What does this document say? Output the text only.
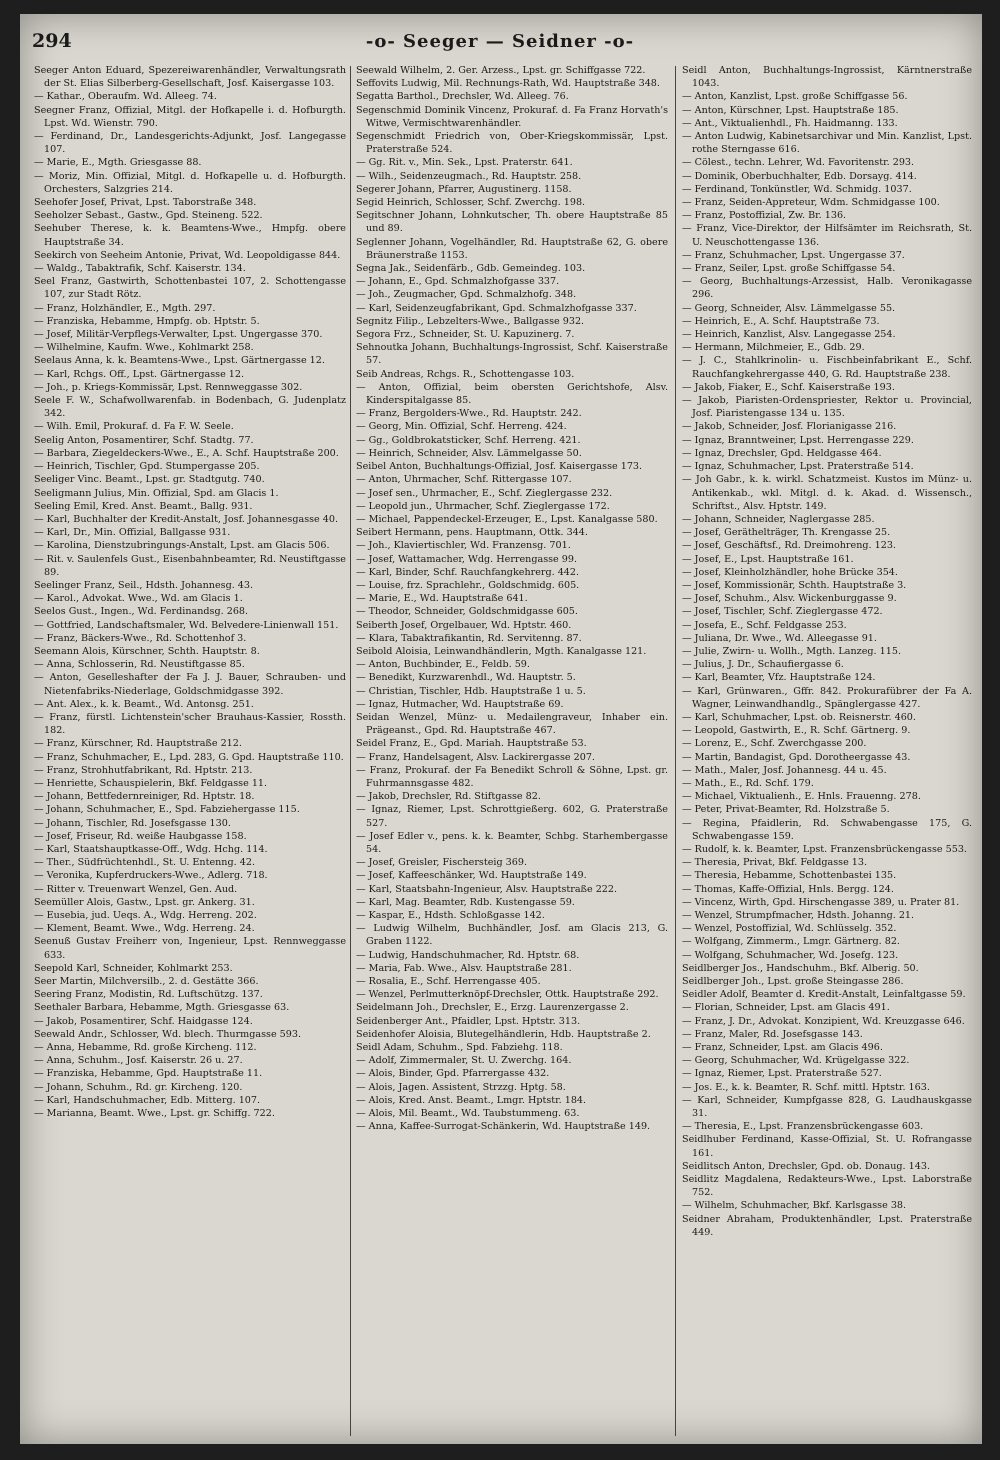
294	-o- Seeger — Seidner -o-

Seeger Anton Eduard, Spezereiwarenhändler, Verwaltungsrath der St. Elias Silberberg-Gesellschaft, Josf. Kaisergasse 103.

— Kathar., Oberaufm. Wd. Alleeg. 74.

Seegner Franz, Offizial, Mitgl. der Hofkapelle i. d. Hofburgth. Lpst. Wd. Wienstr. 790.

— Ferdinand, Dr., Landesgerichts-Adjunkt, Josf. Langegasse 107.

— Marie, E., Mgth. Griesgasse 88.

— Moriz, Min. Offizial, Mitgl. d. Hofkapelle u. d. Hofburgth. Orchesters, Salzgries 214.

Seehofer Josef, Privat, Lpst. Taborstraße 348.

Seeholzer Sebast., Gastw., Gpd. Steineng. 522.

Seehuber Therese, k. k. Beamtens-Wwe., Hmpfg. obere Hauptstraße 34.

Seekirch von Seeheim Antonie, Privat, Wd. Leopoldigasse 844.

— Waldg., Tabaktrafik, Schf. Kaiserstr. 134.

Seel Franz, Gastwirth, Schottenbastei 107, 2. Schottengasse 107, zur Stadt Rötz.

— Franz, Holzhändler, E., Mgth. 297.

— Franziska, Hebamme, Hmpfg. ob. Hptstr. 5.

— Josef, Militär-Verpflegs-Verwalter, Lpst. Ungergasse 370.

— Wilhelmine, Kaufm. Wwe., Kohlmarkt 258.

Seelaus Anna, k. k. Beamtens-Wwe., Lpst. Gärtnergasse 12.

— Karl, Rchgs. Off., Lpst. Gärtnergasse 12.

— Joh., p. Kriegs-Kommissär, Lpst. Rennweggasse 302.

Seele F. W., Schafwollwarenfab. in Bodenbach, G. Judenplatz 342.

— Wilh. Emil, Prokuraf. d. Fa F. W. Seele.

Seelig Anton, Posamentirer, Schf. Stadtg. 77.

— Barbara, Ziegeldeckers-Wwe., E., A. Schf. Hauptstraße 200.

— Heinrich, Tischler, Gpd. Stumpergasse 205.

Seeliger Vinc. Beamt., Lpst. gr. Stadtgutg. 740.

Seeligmann Julius, Min. Offizial, Spd. am Glacis 1.

Seeling Emil, Kred. Anst. Beamt., Ballg. 931.

— Karl, Buchhalter der Kredit-Anstalt, Josf. Johannesgasse 40.

— Karl, Dr., Min. Offizial, Ballgasse 931.

— Karolina, Dienstzubringungs-Anstalt, Lpst. am Glacis 506.

— Rit. v. Saulenfels Gust., Eisenbahnbeamter, Rd. Neustiftgasse 89.

Seelinger Franz, Seil., Hdsth. Johannesg. 43.

— Karol., Advokat. Wwe., Wd. am Glacis 1.

Seelos Gust., Ingen., Wd. Ferdinandsg. 268.

— Gottfried, Landschaftsmaler, Wd. Belvedere-Linienwall 151.

— Franz, Bäckers-Wwe., Rd. Schottenhof 3.

Seemann Alois, Kürschner, Schth. Hauptstr. 8.

— Anna, Schlosserin, Rd. Neustiftgasse 85.

— Anton, Geselleshafter der Fa J. J. Bauer, Schrauben- und Nietenfabriks-Niederlage, Goldschmidgasse 392.

— Ant. Alex., k. k. Beamt., Wd. Antonsg. 251.

— Franz, fürstl. Lichtenstein'scher Brauhaus-Kassier, Rossth. 182.

— Franz, Kürschner, Rd. Hauptstraße 212.

— Franz, Schuhmacher, E., Lpd. 283, G. Gpd. Hauptstraße 110.

— Franz, Strohhutfabrikant, Rd. Hptstr. 213.

— Henriette, Schauspielerin, Bkf. Feldgasse 11.

— Johann, Bettfedernreiniger, Rd. Hptstr. 18.

— Johann, Schuhmacher, E., Spd. Fabziehergasse 115.

— Johann, Tischler, Rd. Josefsgasse 130.

— Josef, Friseur, Rd. weiße Haubgasse 158.

— Karl, Staatshauptkasse-Off., Wdg. Hchg. 114.

— Ther., Südfrüchtenhdl., St. U. Entenng. 42.

— Veronika, Kupferdruckers-Wwe., Adlerg. 718.

— Ritter v. Treuenwart Wenzel, Gen. Aud.

Seemüller Alois, Gastw., Lpst. gr. Ankerg. 31.

— Eusebia, jud. Ueqs. A., Wdg. Herreng. 202.

— Klement, Beamt. Wwe., Wdg. Herreng. 24.

Seenuß Gustav Freiherr von, Ingenieur, Lpst. Rennweggasse 633.

Seepold Karl, Schneider, Kohlmarkt 253.

Seer Martin, Milchversilb., 2. d. Gestätte 366.

Seering Franz, Modistin, Rd. Luftschützg. 137.

Seethaler Barbara, Hebamme, Mgth. Griesgasse 63.

— Jakob, Posamentirer, Schf. Haidgasse 124.

Seewald Andr., Schlosser, Wd. blech. Thurmgasse 593.

— Anna, Hebamme, Rd. große Kircheng. 112.

— Anna, Schuhm., Josf. Kaiserstr. 26 u. 27.

— Franziska, Hebamme, Gpd. Hauptstraße 11.

— Johann, Schuhm., Rd. gr. Kircheng. 120.

— Karl, Handschuhmacher, Edb. Mitterg. 107.

— Marianna, Beamt. Wwe., Lpst. gr. Schiffg. 722.

Seewald Wilhelm, 2. Ger. Arzess., Lpst. gr. Schiffgasse 722.

Seffovits Ludwig, Mil. Rechnungs-Rath, Wd. Hauptstraße 348.

Segatta Barthol., Drechsler, Wd. Alleeg. 76.

Segenschmid Dominik Vincenz, Prokuraf. d. Fa Franz Horvath's Witwe, Vermischtwarenhändler.

Segenschmidt Friedrich von, Ober-Kriegskommissär, Lpst. Praterstraße 524.

— Gg. Rit. v., Min. Sek., Lpst. Praterstr. 641.

— Wilh., Seidenzeugmach., Rd. Hauptstr. 258.

Segerer Johann, Pfarrer, Augustinerg. 1158.

Segid Heinrich, Schlosser, Schf. Zwerchg. 198.

Segitschner Johann, Lohnkutscher, Th. obere Hauptstraße 85 und 89.

Seglenner Johann, Vogelhändler, Rd. Hauptstraße 62, G. obere Bräunerstraße 1153.

Segna Jak., Seidenfärb., Gdb. Gemeindeg. 103.

— Johann, E., Gpd. Schmalzhofgasse 337.

— Joh., Zeugmacher, Gpd. Schmalzhofg. 348.

— Karl, Seidenzeugfabrikant, Gpd. Schmalzhofgasse 337.

Segnitz Filip., Lebzelters-Wwe., Ballgasse 932.

Segora Frz., Schneider, St. U. Kapuzinerg. 7.

Sehnoutka Johann, Buchhaltungs-Ingrossist, Schf. Kaiserstraße 57.

Seib Andreas, Rchgs. R., Schottengasse 103.

— Anton, Offizial, beim obersten Gerichtshofe, Alsv. Kinderspitalgasse 85.

— Franz, Bergolders-Wwe., Rd. Hauptstr. 242.

— Georg, Min. Offizial, Schf. Herreng. 424.

— Gg., Goldbrokatsticker, Schf. Herreng. 421.

— Heinrich, Schneider, Alsv. Lämmelgasse 50.

Seibel Anton, Buchhaltungs-Offizial, Josf. Kaisergasse 173.

— Anton, Uhrmacher, Schf. Rittergasse 107.

— Josef sen., Uhrmacher, E., Schf. Zieglergasse 232.

— Leopold jun., Uhrmacher, Schf. Zieglergasse 172.

— Michael, Pappendeckel-Erzeuger, E., Lpst. Kanalgasse 580.

Seibert Hermann, pens. Hauptmann, Ottk. 344.

— Joh., Klaviertischler, Wd. Franzensg. 701.

— Josef, Wattamacher, Wdg. Herrengasse 99.

— Karl, Binder, Schf. Rauchfangkehrerg. 442.

— Louise, frz. Sprachlehr., Goldschmidg. 605.

— Marie, E., Wd. Hauptstraße 641.

— Theodor, Schneider, Goldschmidgasse 605.

Seiberth Josef, Orgelbauer, Wd. Hptstr. 460.

— Klara, Tabaktrafikantin, Rd. Servitenng. 87.

Seibold Aloisia, Leinwandhändlerin, Mgth. Kanalgasse 121.

— Anton, Buchbinder, E., Feldb. 59.

— Benedikt, Kurzwarenhdl., Wd. Hauptstr. 5.

— Christian, Tischler, Hdb. Hauptstraße 1 u. 5.

— Ignaz, Hutmacher, Wd. Hauptstraße 69.

Seidan Wenzel, Münz- u. Medailengraveur, Inhaber ein. Prägeanst., Gpd. Rd. Hauptstraße 467.

Seidel Franz, E., Gpd. Mariah. Hauptstraße 53.

— Franz, Handelsagent, Alsv. Lackirergasse 207.

— Franz, Prokuraf. der Fa Benedikt Schroll & Söhne, Lpst. gr. Fuhrmannsgasse 482.

— Jakob, Drechsler, Rd. Stiftgasse 82.

— Ignaz, Riemer, Lpst. Schrottgießerg. 602, G. Praterstraße 527.

— Josef Edler v., pens. k. k. Beamter, Schbg. Starhembergasse 54.

— Josef, Greisler, Fischersteig 369.

— Josef, Kaffeeschänker, Wd. Hauptstraße 149.

— Karl, Staatsbahn-Ingenieur, Alsv. Hauptstraße 222.

— Karl, Mag. Beamter, Rdb. Kustengasse 59.

— Kaspar, E., Hdsth. Schloßgasse 142.

— Ludwig Wilhelm, Buchhändler, Josf. am Glacis 213, G. Graben 1122.

— Ludwig, Handschuhmacher, Rd. Hptstr. 68.

— Maria, Fab. Wwe., Alsv. Hauptstraße 281.

— Rosalia, E., Schf. Herrengasse 405.

— Wenzel, Perlmutterknöpf-Drechsler, Ottk. Hauptstraße 292.

Seidelmann Joh., Drechsler, E., Erzg. Laurenzergasse 2.

Seidenberger Ant., Pfaidler, Lpst. Hptstr. 313.

Seidenhofer Aloisia, Blutegelhändlerin, Hdb. Hauptstraße 2.

Seidl Adam, Schuhm., Spd. Fabziehg. 118.

— Adolf, Zimmermaler, St. U. Zwerchg. 164.

— Alois, Binder, Gpd. Pfarrergasse 432.

— Alois, Jagen. Assistent, Strzzg. Hptg. 58.

— Alois, Kred. Anst. Beamt., Lmgr. Hptstr. 184.

— Alois, Mil. Beamt., Wd. Taubstummeng. 63.

— Anna, Kaffee-Surrogat-Schänkerin, Wd. Hauptstraße 149.

Seidl Anton, Buchhaltungs-Ingrossist, Kärntnerstraße 1043.

— Anton, Kanzlist, Lpst. große Schiffgasse 56.

— Anton, Kürschner, Lpst. Hauptstraße 185.

— Ant., Viktualienhdl., Fh. Haidmanng. 133.

— Anton Ludwig, Kabinetsarchivar und Min. Kanzlist, Lpst. rothe Sterngasse 616.

— Cölest., techn. Lehrer, Wd. Favoritenstr. 293.

— Dominik, Oberbuchhalter, Edb. Dorsayg. 414.

— Ferdinand, Tonkünstler, Wd. Schmidg. 1037.

— Franz, Seiden-Appreteur, Wdm. Schmidgasse 100.

— Franz, Postoffizial, Zw. Br. 136.

— Franz, Vice-Direktor, der Hilfsämter im Reichsrath, St. U. Neuschottengasse 136.

— Franz, Schuhmacher, Lpst. Ungergasse 37.

— Franz, Seiler, Lpst. große Schiffgasse 54.

— Georg, Buchhaltungs-Arzessist, Halb. Veronikagasse 296.

— Georg, Schneider, Alsv. Lämmelgasse 55.

— Heinrich, E., A. Schf. Hauptstraße 73.

— Heinrich, Kanzlist, Alsv. Langegasse 254.

— Hermann, Milchmeier, E., Gdb. 29.

— J. C., Stahlkrinolin- u. Fischbeinfabrikant E., Schf. Rauchfangkehrergasse 440, G. Rd. Hauptstraße 238.

— Jakob, Fiaker, E., Schf. Kaiserstraße 193.

— Jakob, Piaristen-Ordenspriester, Rektor u. Provincial, Josf. Piaristengasse 134 u. 135.

— Jakob, Schneider, Josf. Florianigasse 216.

— Ignaz, Branntweiner, Lpst. Herrengasse 229.

— Ignaz, Drechsler, Gpd. Heldgasse 464.

— Ignaz, Schuhmacher, Lpst. Praterstraße 514.

— Joh Gabr., k. k. wirkl. Schatzmeist. Kustos im Münz- u. Antikenkab., wkl. Mitgl. d. k. Akad. d. Wissensch., Schriftst., Alsv. Hptstr. 149.

— Johann, Schneider, Naglergasse 285.

— Josef, Geräthelträger, Th. Krengasse 25.

— Josef, Geschäftsf., Rd. Dreimohreng. 123.

— Josef, E., Lpst. Hauptstraße 161.

— Josef, Kleinholzhändler, hohe Brücke 354.

— Josef, Kommissionär, Schth. Hauptstraße 3.

— Josef, Schuhm., Alsv. Wickenburggasse 9.

— Josef, Tischler, Schf. Zieglergasse 472.

— Josefa, E., Schf. Feldgasse 253.

— Juliana, Dr. Wwe., Wd. Alleegasse 91.

— Julie, Zwirn- u. Wollh., Mgth. Lanzeg. 115.

— Julius, J. Dr., Schaufiergasse 6.

— Karl, Beamter, Vfz. Hauptstraße 124.

— Karl, Grünwaren., Gffr. 842. Prokurafübrer der Fa A. Wagner, Leinwandhandlg., Spänglergasse 427.

— Karl, Schuhmacher, Lpst. ob. Reisnerstr. 460.

— Leopold, Gastwirth, E., R. Schf. Gärtnerg. 9.

— Lorenz, E., Schf. Zwerchgasse 200.

— Martin, Bandagist, Gpd. Dorotheergasse 43.

— Math., Maler, Josf. Johannesg. 44 u. 45.

— Math., E., Rd. Schf. 179.

— Michael, Viktualienh., E. Hnls. Frauenng. 278.

— Peter, Privat-Beamter, Rd. Holzstraße 5.

— Regina, Pfaidlerin, Rd. Schwabengasse 175, G. Schwabengasse 159.

— Rudolf, k. k. Beamter, Lpst. Franzensbrückengasse 553.

— Theresia, Privat, Bkf. Feldgasse 13.

— Theresia, Hebamme, Schottenbastei 135.

— Thomas, Kaffe-Offizial, Hnls. Bergg. 124.

— Vincenz, Wirth, Gpd. Hirschengasse 389, u. Prater 81.

— Wenzel, Strumpfmacher, Hdsth. Johanng. 21.

— Wenzel, Postoffizial, Wd. Schlüsselg. 352.

— Wolfgang, Zimmerm., Lmgr. Gärtnerg. 82.

— Wolfgang, Schuhmacher, Wd. Josefg. 123.

Seidlberger Jos., Handschuhm., Bkf. Alberig. 50.

Seidlberger Joh., Lpst. große Steingasse 286.

Seidler Adolf, Beamter d. Kredit-Anstalt, Leinfaltgasse 59.

— Florian, Schneider, Lpst. am Glacis 491.

— Franz, J. Dr., Advokat. Konzipient, Wd. Kreuzgasse 646.

— Franz, Maler, Rd. Josefsgasse 143.

— Franz, Schneider, Lpst. am Glacis 496.

— Georg, Schuhmacher, Wd. Krügelgasse 322.

— Ignaz, Riemer, Lpst. Praterstraße 527.

— Jos. E., k. k. Beamter, R. Schf. mittl. Hptstr. 163.

— Karl, Schneider, Kumpfgasse 828, G. Laudhauskgasse 31.

— Theresia, E., Lpst. Franzensbrückengasse 603.

Seidlhuber Ferdinand, Kasse-Offizial, St. U. Rofrangasse 161.

Seidlitsch Anton, Drechsler, Gpd. ob. Donaug. 143.

Seidlitz Magdalena, Redakteurs-Wwe., Lpst. Laborstraße 752.

— Wilhelm, Schuhmacher, Bkf. Karlsgasse 38.

Seidner Abraham, Produktenhändler, Lpst. Praterstraße 449.
